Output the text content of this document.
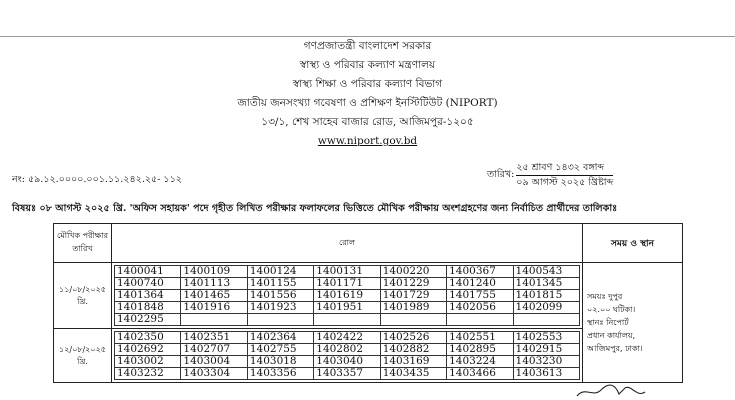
গণপ্রজাতন্ত্রী বাংলাদেশ সরকার
স্বাস্থ্য ও পরিবার কল্যাণ মন্ত্রণালয়
স্বাস্থ্য শিক্ষা ও পরিবার কল্যাণ বিভাগ
জাতীয় জনসংখ্যা গবেষণা ও প্রশিক্ষণ ইনস্টিটিউট (NIPORT)
১৩/১, শেখ সাহেব বাজার রোড, আজিমপুর-১২০৫
www.niport.gov.bd
নং: ৫৯.১২.০০০০.০০১.১১.২৪২.২৫- ১১২	তারিখ: $\frac{\text{২৫ শ্রাবণ ১৪৩২ বঙ্গাব্দ}}{\text{০৯ আগস্ট ২০২৫ খ্রিষ্টাব্দ}}$
বিষয়ঃ ০৮ আগস্ট ২০২৫ খ্রি. 'অফিস সহায়ক' পদে গৃহীত লিখিত পরীক্ষার ফলাফলের ভিত্তিতে মৌখিক পরীক্ষায় অংশগ্রহণের জন্য নির্বাচিত প্রার্থীদের তালিকাঃ
মৌখিক পরীক্ষার তারিখ	রোল	সময় ও স্থান

১১/০৮/২০২৫
খ্রি.

1400041	1400109	1400124	1400131	1400220	1400367	1400543
1400740	1401113	1401155	1401171	1401229	1401240	1401345
1401364	1401465	1401556	1401619	1401729	1401755	1401815
1401848	1401916	1401923	1401951	1401989	1402056	1402099
1402295						

সময়ঃ দুপুর
০২.০০ ঘটিকা।
স্থানঃ নিপোর্ট
প্রধান কার্যালয়,
আজিমপুর, ঢাকা।

১২/০৮/২০২৫
খ্রি.

1402350	1402351	1402364	1402422	1402526	1402551	1402553
1402692	1402707	1402755	1402802	1402882	1402895	1402915
1403002	1403004	1403018	1403040	1403169	1403224	1403230
1403232	1403304	1403356	1403357	1403435	1403466	1403613
